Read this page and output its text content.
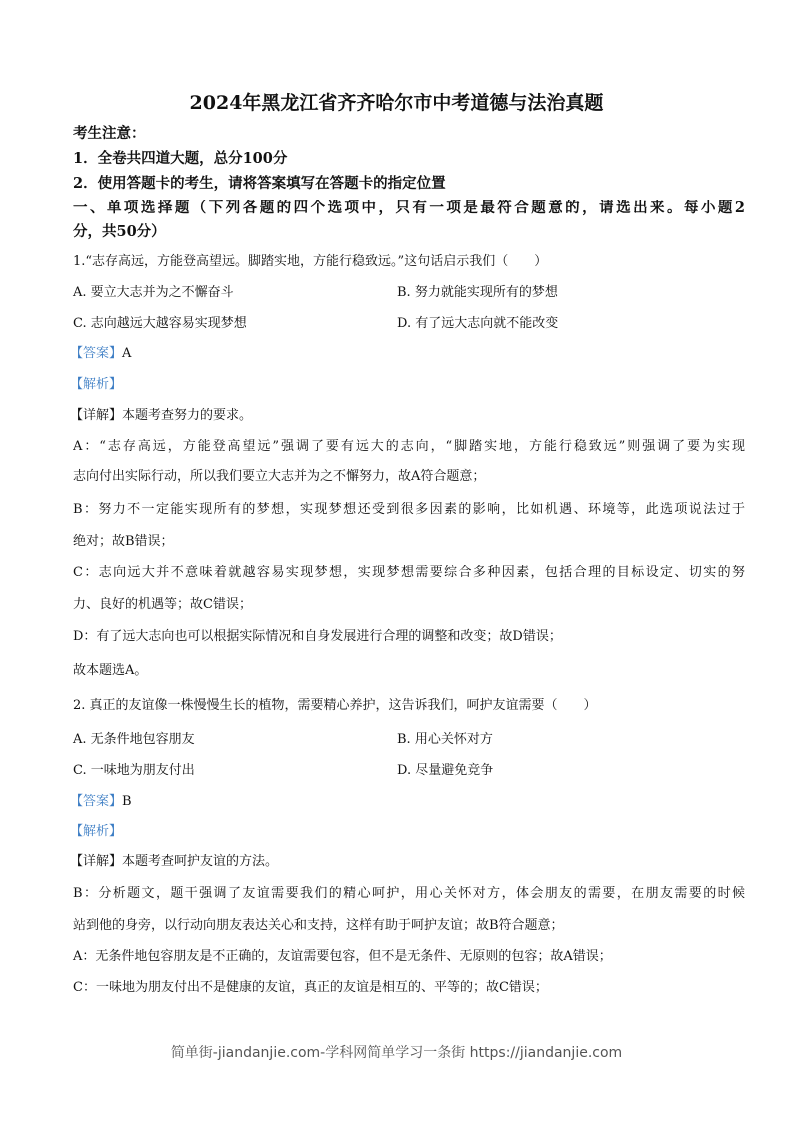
2024年黑龙江省齐齐哈尔市中考道德与法治真题
考生注意：
1．全卷共四道大题，总分100分
2．使用答题卡的考生，请将答案填写在答题卡的指定位置
一、单项选择题（下列各题的四个选项中，只有一项是最符合题意的，请选出来。每小题2
分，共50分）
1.“志存高远，方能登高望远。脚踏实地，方能行稳致远。”这句话启示我们（　　）
A. 要立大志并为之不懈奋斗	B. 努力就能实现所有的梦想
C. 志向越远大越容易实现梦想	D. 有了远大志向就不能改变
【答案】A
【解析】
【详解】本题考查努力的要求。
A：“志存高远，方能登高望远”强调了要有远大的志向，“脚踏实地，方能行稳致远”则强调了要为实现
志向付出实际行动，所以我们要立大志并为之不懈努力，故A符合题意；
B：努力不一定能实现所有的梦想，实现梦想还受到很多因素的影响，比如机遇、环境等，此选项说法过于
绝对；故B错误；
C：志向远大并不意味着就越容易实现梦想，实现梦想需要综合多种因素，包括合理的目标设定、切实的努
力、良好的机遇等；故C错误；
D：有了远大志向也可以根据实际情况和自身发展进行合理的调整和改变；故D错误；
故本题选A。
2. 真正的友谊像一株慢慢生长的植物，需要精心养护，这告诉我们，呵护友谊需要（　　）
A. 无条件地包容朋友	B. 用心关怀对方
C. 一味地为朋友付出	D. 尽量避免竞争
【答案】B
【解析】
【详解】本题考查呵护友谊的方法。
B：分析题文，题干强调了友谊需要我们的精心呵护，用心关怀对方，体会朋友的需要，在朋友需要的时候
站到他的身旁，以行动向朋友表达关心和支持，这样有助于呵护友谊；故B符合题意；
A：无条件地包容朋友是不正确的，友谊需要包容，但不是无条件、无原则的包容；故A错误；
C：一味地为朋友付出不是健康的友谊，真正的友谊是相互的、平等的；故C错误；
简单街-jiandanjie.com-学科网简单学习一条街 https://jiandanjie.com
